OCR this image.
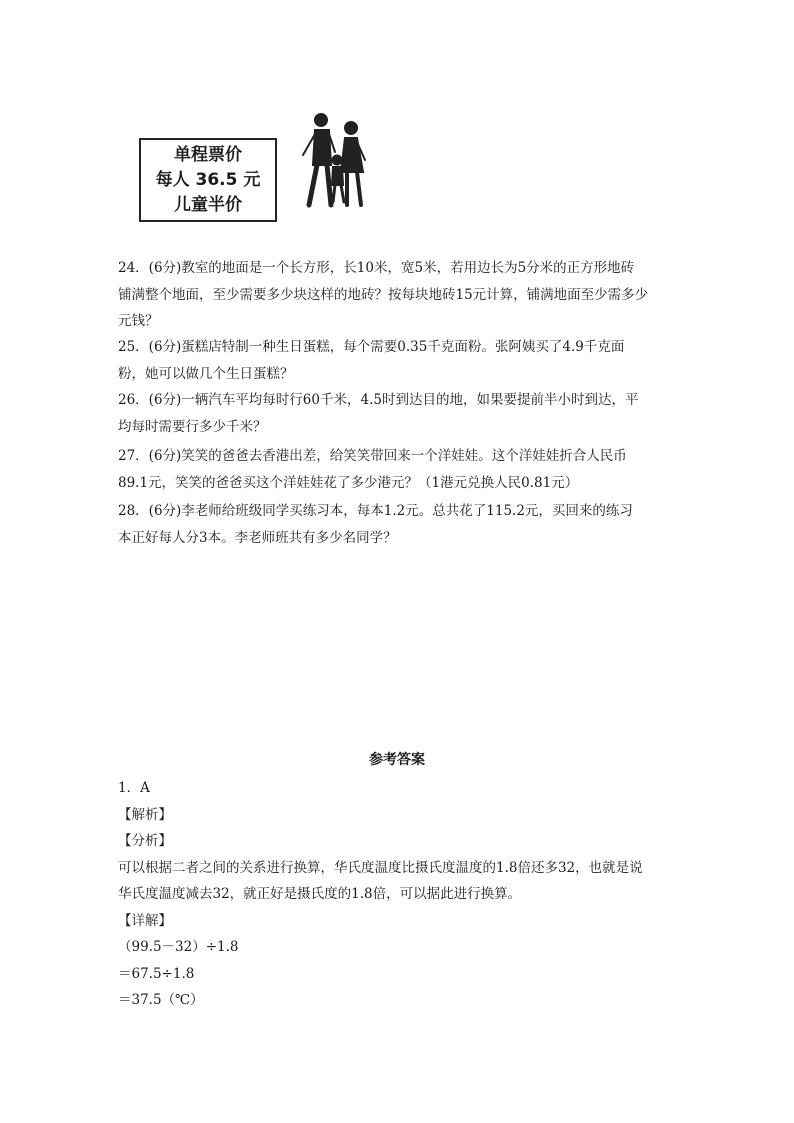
单程票价
每人 36.5 元
儿童半价

24．(6分)教室的地面是一个长方形，长10米，宽5米，若用边长为5分米的正方形地砖

铺满整个地面，至少需要多少块这样的地砖？按每块地砖15元计算，铺满地面至少需多少

元钱？

25．(6分)蛋糕店特制一种生日蛋糕，每个需要0.35千克面粉。张阿姨买了4.9千克面

粉，她可以做几个生日蛋糕？

26．(6分)一辆汽车平均每时行60千米，4.5时到达目的地，如果要提前半小时到达，平

均每时需要行多少千米？

27．(6分)笑笑的爸爸去香港出差，给笑笑带回来一个洋娃娃。这个洋娃娃折合人民币

89.1元，笑笑的爸爸买这个洋娃娃花了多少港元？（1港元兑换人民0.81元）

28．(6分)李老师给班级同学买练习本，每本1.2元。总共花了115.2元，买回来的练习

本正好每人分3本。李老师班共有多少名同学？

参考答案

1．A

【解析】

【分析】

可以根据二者之间的关系进行换算，华氏度温度比摄氏度温度的1.8倍还多32，也就是说

华氏度温度减去32，就正好是摄氏度的1.8倍，可以据此进行换算。

【详解】

（99.5－32）÷1.8

＝67.5÷1.8

＝37.5（℃）
